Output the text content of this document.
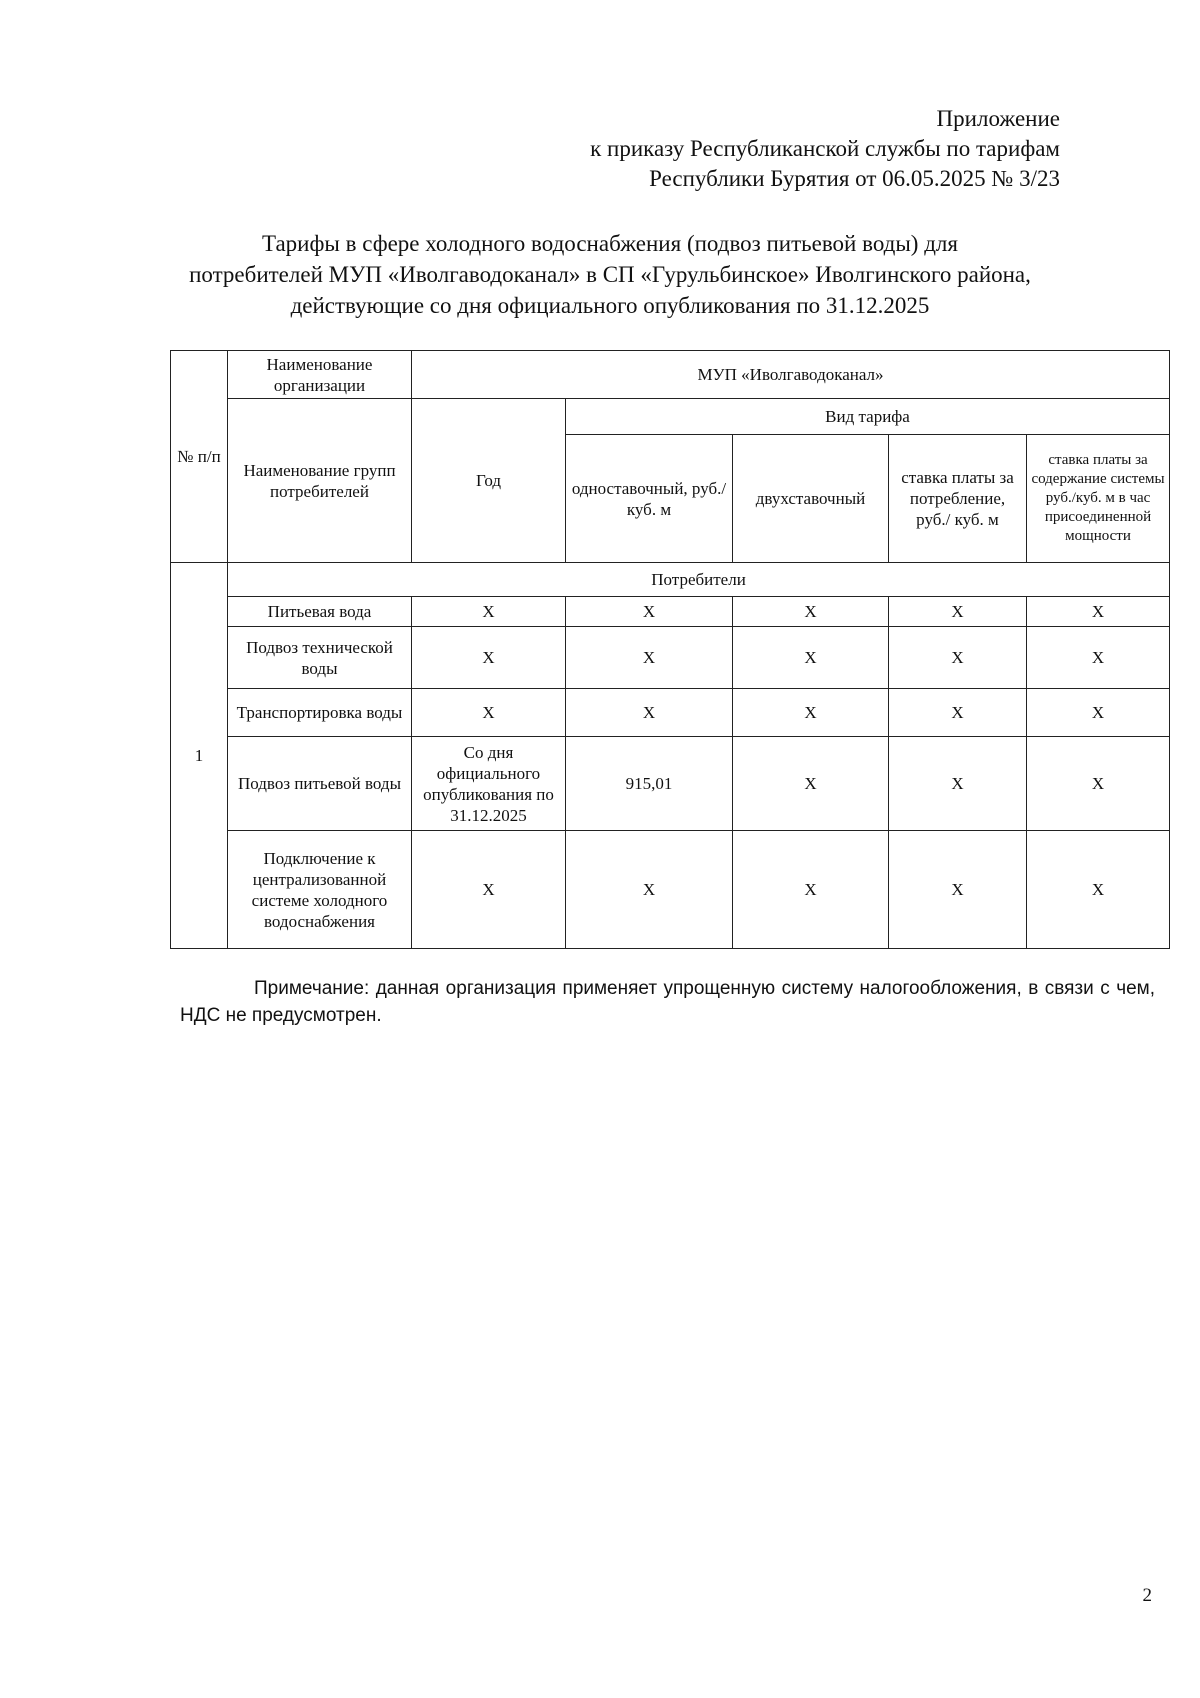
Приложение
к приказу Республиканской службы по тарифам
Республики Бурятия от 06.05.2025 № 3/23
Тарифы в сфере холодного водоснабжения (подвоз питьевой воды) для
потребителей МУП «Иволгаводоканал» в СП «Гурульбинское» Иволгинского района,
действующие со дня официального опубликования по 31.12.2025
№ п/п	Наименование организации	МУП «Иволгаводоканал»				
	Наименование групп потребителей	Год	Вид тарифа			
			одноставочный, руб./ куб. м	двухставочный	ставка платы за потребление, руб./ куб. м	ставка платы за содержание системы руб./куб. м в час присоединенной мощности
1	Потребители					
	Питьевая вода	X	X	X	X	X
	Подвоз технической воды	X	X	X	X	X
	Транспортировка воды	X	X	X	X	X
	Подвоз питьевой воды	Со дня официального опубликования по 31.12.2025	915,01	X	X	X
	Подключение к централизованной системе холодного водоснабжения	X	X	X	X	X
Примечание: данная организация применяет упрощенную систему налогообложения, в связи с чем, НДС не предусмотрен.
2
